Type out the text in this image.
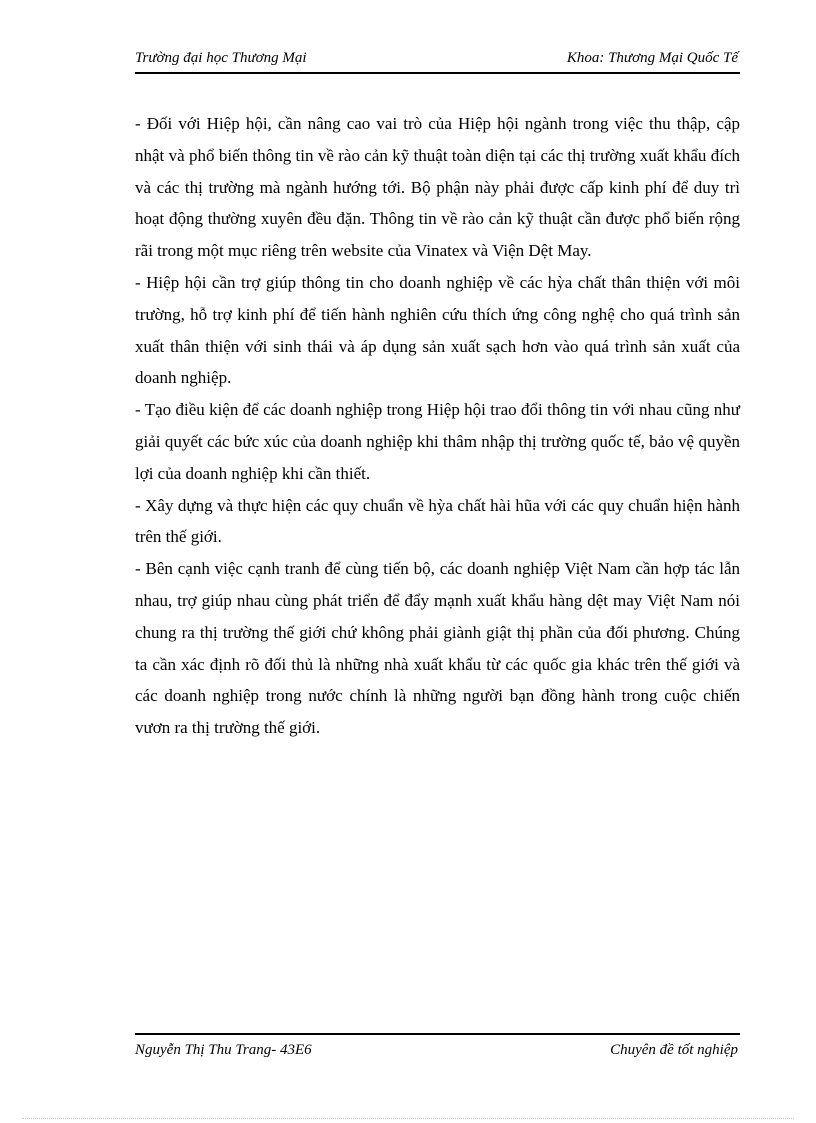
Trường đại học Thương Mại	Khoa: Thương Mại Quốc Tế

- Đối với Hiệp hội, cần nâng cao vai trò của Hiệp hội ngành trong việc thu thập, cập nhật và phổ biến thông tin về rào cản kỹ thuật toàn diện tại các thị trường xuất khẩu đích và các thị trường mà ngành hướng tới. Bộ phận này phải được cấp kinh phí để duy trì hoạt động thường xuyên đều đặn. Thông tin về rào cản kỹ thuật cần được phổ biến rộng rãi trong một mục riêng trên website của Vinatex và Viện Dệt May.

- Hiệp hội cần trợ giúp thông tin cho doanh nghiệp về các hỳa chất thân thiện với môi trường, hỗ trợ kinh phí để tiến hành nghiên cứu thích ứng công nghệ cho quá trình sản xuất thân thiện với sinh thái và áp dụng sản xuất sạch hơn vào quá trình sản xuất của doanh nghiệp.

- Tạo điều kiện để các doanh nghiệp trong Hiệp hội trao đổi thông tin với nhau cũng như giải quyết các bức xúc của doanh nghiệp khi thâm nhập thị trường quốc tế, bảo vệ quyền lợi của doanh nghiệp khi cần thiết.

- Xây dựng và thực hiện các quy chuẩn về hỳa chất hài hũa với các quy chuẩn hiện hành trên thế giới.

- Bên cạnh việc cạnh tranh để cùng tiến bộ, các doanh nghiệp Việt Nam cần hợp tác lẫn nhau, trợ giúp nhau cùng phát triển để đẩy mạnh xuất khẩu hàng dệt may Việt Nam nói chung ra thị trường thế giới chứ không phải giành giật thị phần của đối phương. Chúng ta cần xác định rõ đối thủ là những nhà xuất khẩu từ các quốc gia khác trên thế giới và các doanh nghiệp trong nước chính là những người bạn đồng hành trong cuộc chiến vươn ra thị trường thế giới.

Nguyễn Thị Thu Trang- 43E6	Chuyên đề tốt nghiệp
